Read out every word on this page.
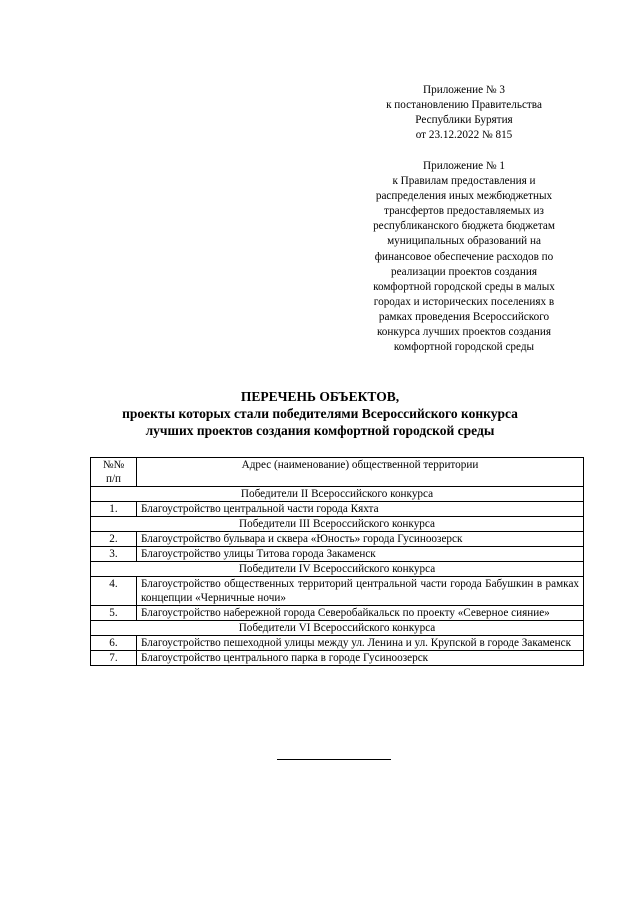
Приложение № 3
к постановлению Правительства
Республики Бурятия
от 23.12.2022 № 815
Приложение № 1
к Правилам предоставления и
распределения иных межбюджетных
трансфертов предоставляемых из
республиканского бюджета бюджетам
муниципальных образований на
финансовое обеспечение расходов по
реализации проектов создания
комфортной городской среды в малых
городах и исторических поселениях в
рамках проведения Всероссийского
конкурса лучших проектов создания
комфортной городской среды
ПЕРЕЧЕНЬ ОБЪЕКТОВ,
проекты которых стали победителями Всероссийского конкурса
лучших проектов создания комфортной городской среды
№№
п/п	Адрес (наименование) общественной территории
Победители II Всероссийского конкурса	
1.	Благоустройство центральной части города Кяхта
Победители III Всероссийского конкурса	
2.	Благоустройство бульвара и сквера «Юность» города Гусиноозерск
3.	Благоустройство улицы Титова города Закаменск
Победители IV Всероссийского конкурса	
4.	Благоустройство общественных территорий центральной части города Бабушкин в рамках концепции «Черничные ночи»
5.	Благоустройство набережной города Северобайкальск по проекту «Северное сияние»
Победители VI Всероссийского конкурса	
6.	Благоустройство пешеходной улицы между ул. Ленина и ул. Крупской в городе Закаменск
7.	Благоустройство центрального парка в городе Гусиноозерск
